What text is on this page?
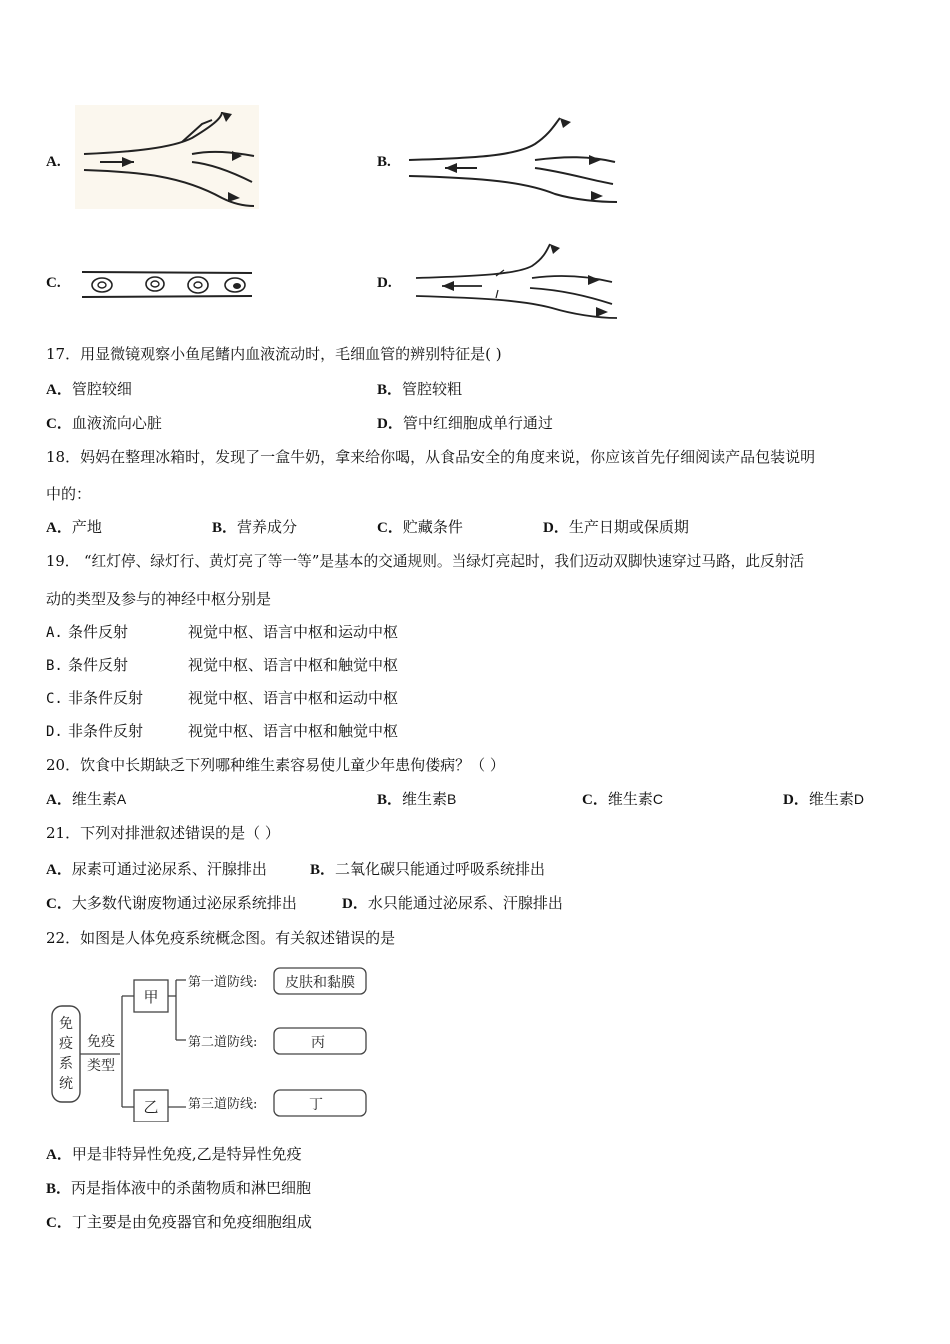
A.	B.
C.	D.
17．用显微镜观察小鱼尾鳍内血液流动时，毛细血管的辨别特征是( )
A．管腔较细	B．管腔较粗
C．血液流向心脏	D．管中红细胞成单行通过
18．妈妈在整理冰箱时，发现了一盒牛奶，拿来给你喝，从食品安全的角度来说，你应该首先仔细阅读产品包装说明
中的：
A．产地	B．营养成分	C．贮藏条件	D．生产日期或保质期
19． “红灯停、绿灯行、黄灯亮了等一等”是基本的交通规则。当绿灯亮起时，我们迈动双脚快速穿过马路，此反射活
动的类型及参与的神经中枢分别是
A. 条件反射	视觉中枢、语言中枢和运动中枢
B. 条件反射	视觉中枢、语言中枢和触觉中枢
C. 非条件反射	视觉中枢、语言中枢和运动中枢
D. 非条件反射	视觉中枢、语言中枢和触觉中枢
20．饮食中长期缺乏下列哪种维生素容易使儿童少年患佝偻病？（ ）
A．维生素A	B．维生素B	C．维生素C	D．维生素D
21．下列对排泄叙述错误的是（ ）
A．尿素可通过泌尿系、汗腺排出	B．二氧化碳只能通过呼吸系统排出
C．大多数代谢废物通过泌尿系统排出	D．水只能通过泌尿系、汗腺排出
22．如图是人体免疫系统概念图。有关叙述错误的是
免
疫
系
统
免疫
类型
甲
乙
第一道防线:
第二道防线:
第三道防线:
皮肤和黏膜
丙
丁
A．甲是非特异性免疫,乙是特异性免疫
B．丙是指体液中的杀菌物质和淋巴细胞
C．丁主要是由免疫器官和免疫细胞组成
